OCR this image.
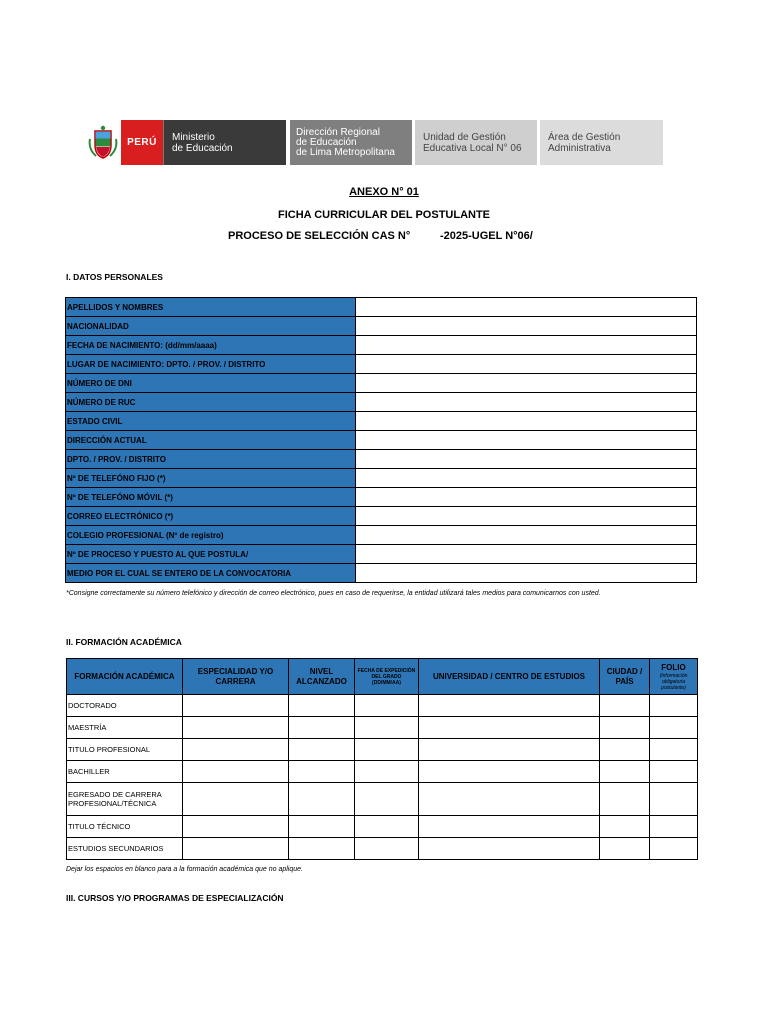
PERÚ Ministerio
de Educación
Dirección Regional
de Educación
de Lima Metropolitana
Unidad de Gestión
Educativa Local N° 06
Área de Gestión
Administrativa
ANEXO N° 01
FICHA CURRICULAR DEL POSTULANTE
PROCESO DE SELECCIÓN CAS N°	-2025-UGEL N°06/
I. DATOS PERSONALES
APELLIDOS Y NOMBRES	
NACIONALIDAD	
FECHA DE NACIMIENTO: (dd/mm/aaaa)	
LUGAR DE NACIMIENTO: DPTO. / PROV. / DISTRITO	
NÚMERO DE DNI	
NÚMERO DE RUC	
ESTADO CIVIL	
DIRECCIÓN ACTUAL	
DPTO. / PROV. / DISTRITO	
Nº DE TELEFÓNO FIJO (*)	
Nº DE TELEFÓNO MÓVIL (*)	
CORREO ELECTRÓNICO (*)	
COLEGIO PROFESIONAL (Nº de registro)	
Nº DE PROCESO Y PUESTO AL QUE POSTULA/	
MEDIO POR EL CUAL SE ENTERO DE LA CONVOCATORIA	
*Consigne correctamente su número telefónico y dirección de correo electrónico, pues en caso de requerirse, la entidad utilizará tales medios para comunicarnos con usted.
II. FORMACIÓN ACADÉMICA
FORMACIÓN ACADÉMICA	ESPECIALIDAD Y/O CARRERA	NIVEL ALCANZADO	FECHA DE EXPEDICIÓN DEL GRADO (DD/MM/AA)	UNIVERSIDAD / CENTRO DE ESTUDIOS	CIUDAD / PAÍS	FOLIO
(Información obligatoria postulante)

DOCTORADO						
MAESTRÍA						
TITULO PROFESIONAL						
BACHILLER						
EGRESADO DE CARRERA PROFESIONAL/TÉCNICA						
TITULO TÉCNICO						
ESTUDIOS SECUNDARIOS						
Dejar los espacios en blanco para a la formación académica que no aplique.
III. CURSOS Y/O PROGRAMAS DE ESPECIALIZACIÓN
